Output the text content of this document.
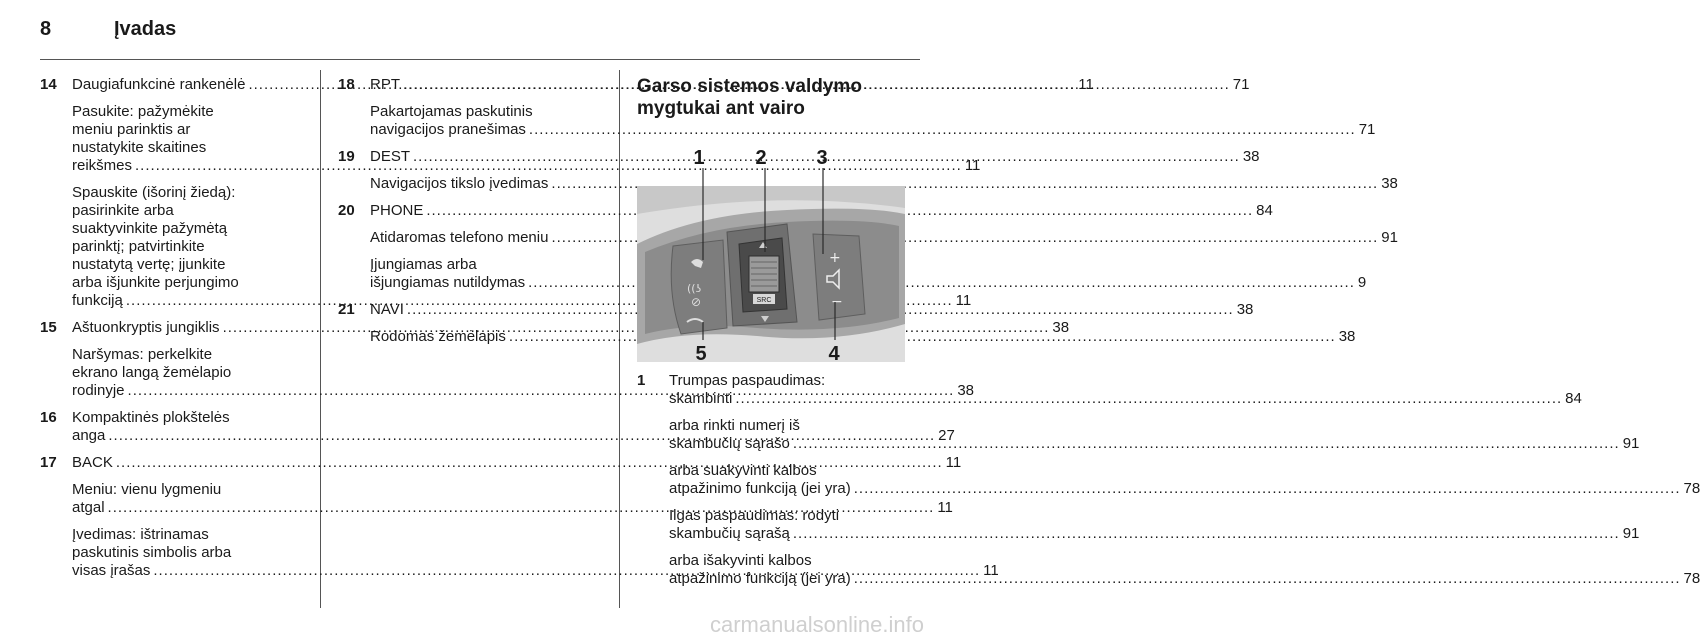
8	Įvadas
14	Daugiafunkcinė rankenėlė .....	11
Pasukite: pažymėkite
meniu parinktis ar
nustatykite skaitines
reikšmes .....	11
Spauskite (išorinį žiedą):
pasirinkite arba
suaktyvinkite pažymėtą
parinktį; patvirtinkite
nustatytą vertę; įjunkite
arba išjunkite perjungimo
funkciją .....	11
15	Aštuonkryptis jungiklis .....	38
Naršymas: perkelkite
ekrano langą žemėlapio
rodinyje .....	38
16	Kompaktinės plokštelės
anga .....	27
17	BACK .....	11
Meniu: vienu lygmeniu
atgal .....	11
Įvedimas: ištrinamas
paskutinis simbolis arba
visas įrašas .....	11
18	RPT .....	71
Pakartojamas paskutinis
navigacijos pranešimas .....	71
19	DEST .....	38
Navigacijos tikslo įvedimas .....	38
20	PHONE .....	84
Atidaromas telefono meniu .....	91
Įjungiamas arba
išjungiamas nutildymas .....	9
21	NAVI .....	38
Rodomas žemėlapis .....	38
Garso sistemos valdymo
mygtukai ant vairo
SRC
((ʖ
⊘
+
−
1	2 3
5	4
1	Trumpas paspaudimas:
skambinti .....	84
arba rinkti numerį iš
skambučių sąrašo .....	91
arba suakyvinti kalbos
atpažinimo funkciją (jei yra) .....	78
Ilgas paspaudimas: rodyti
skambučių sąrašą .....	91
arba išakyvinti kalbos
atpažinimo funkciją (jei yra) .....	78
carmanualsonline.info
